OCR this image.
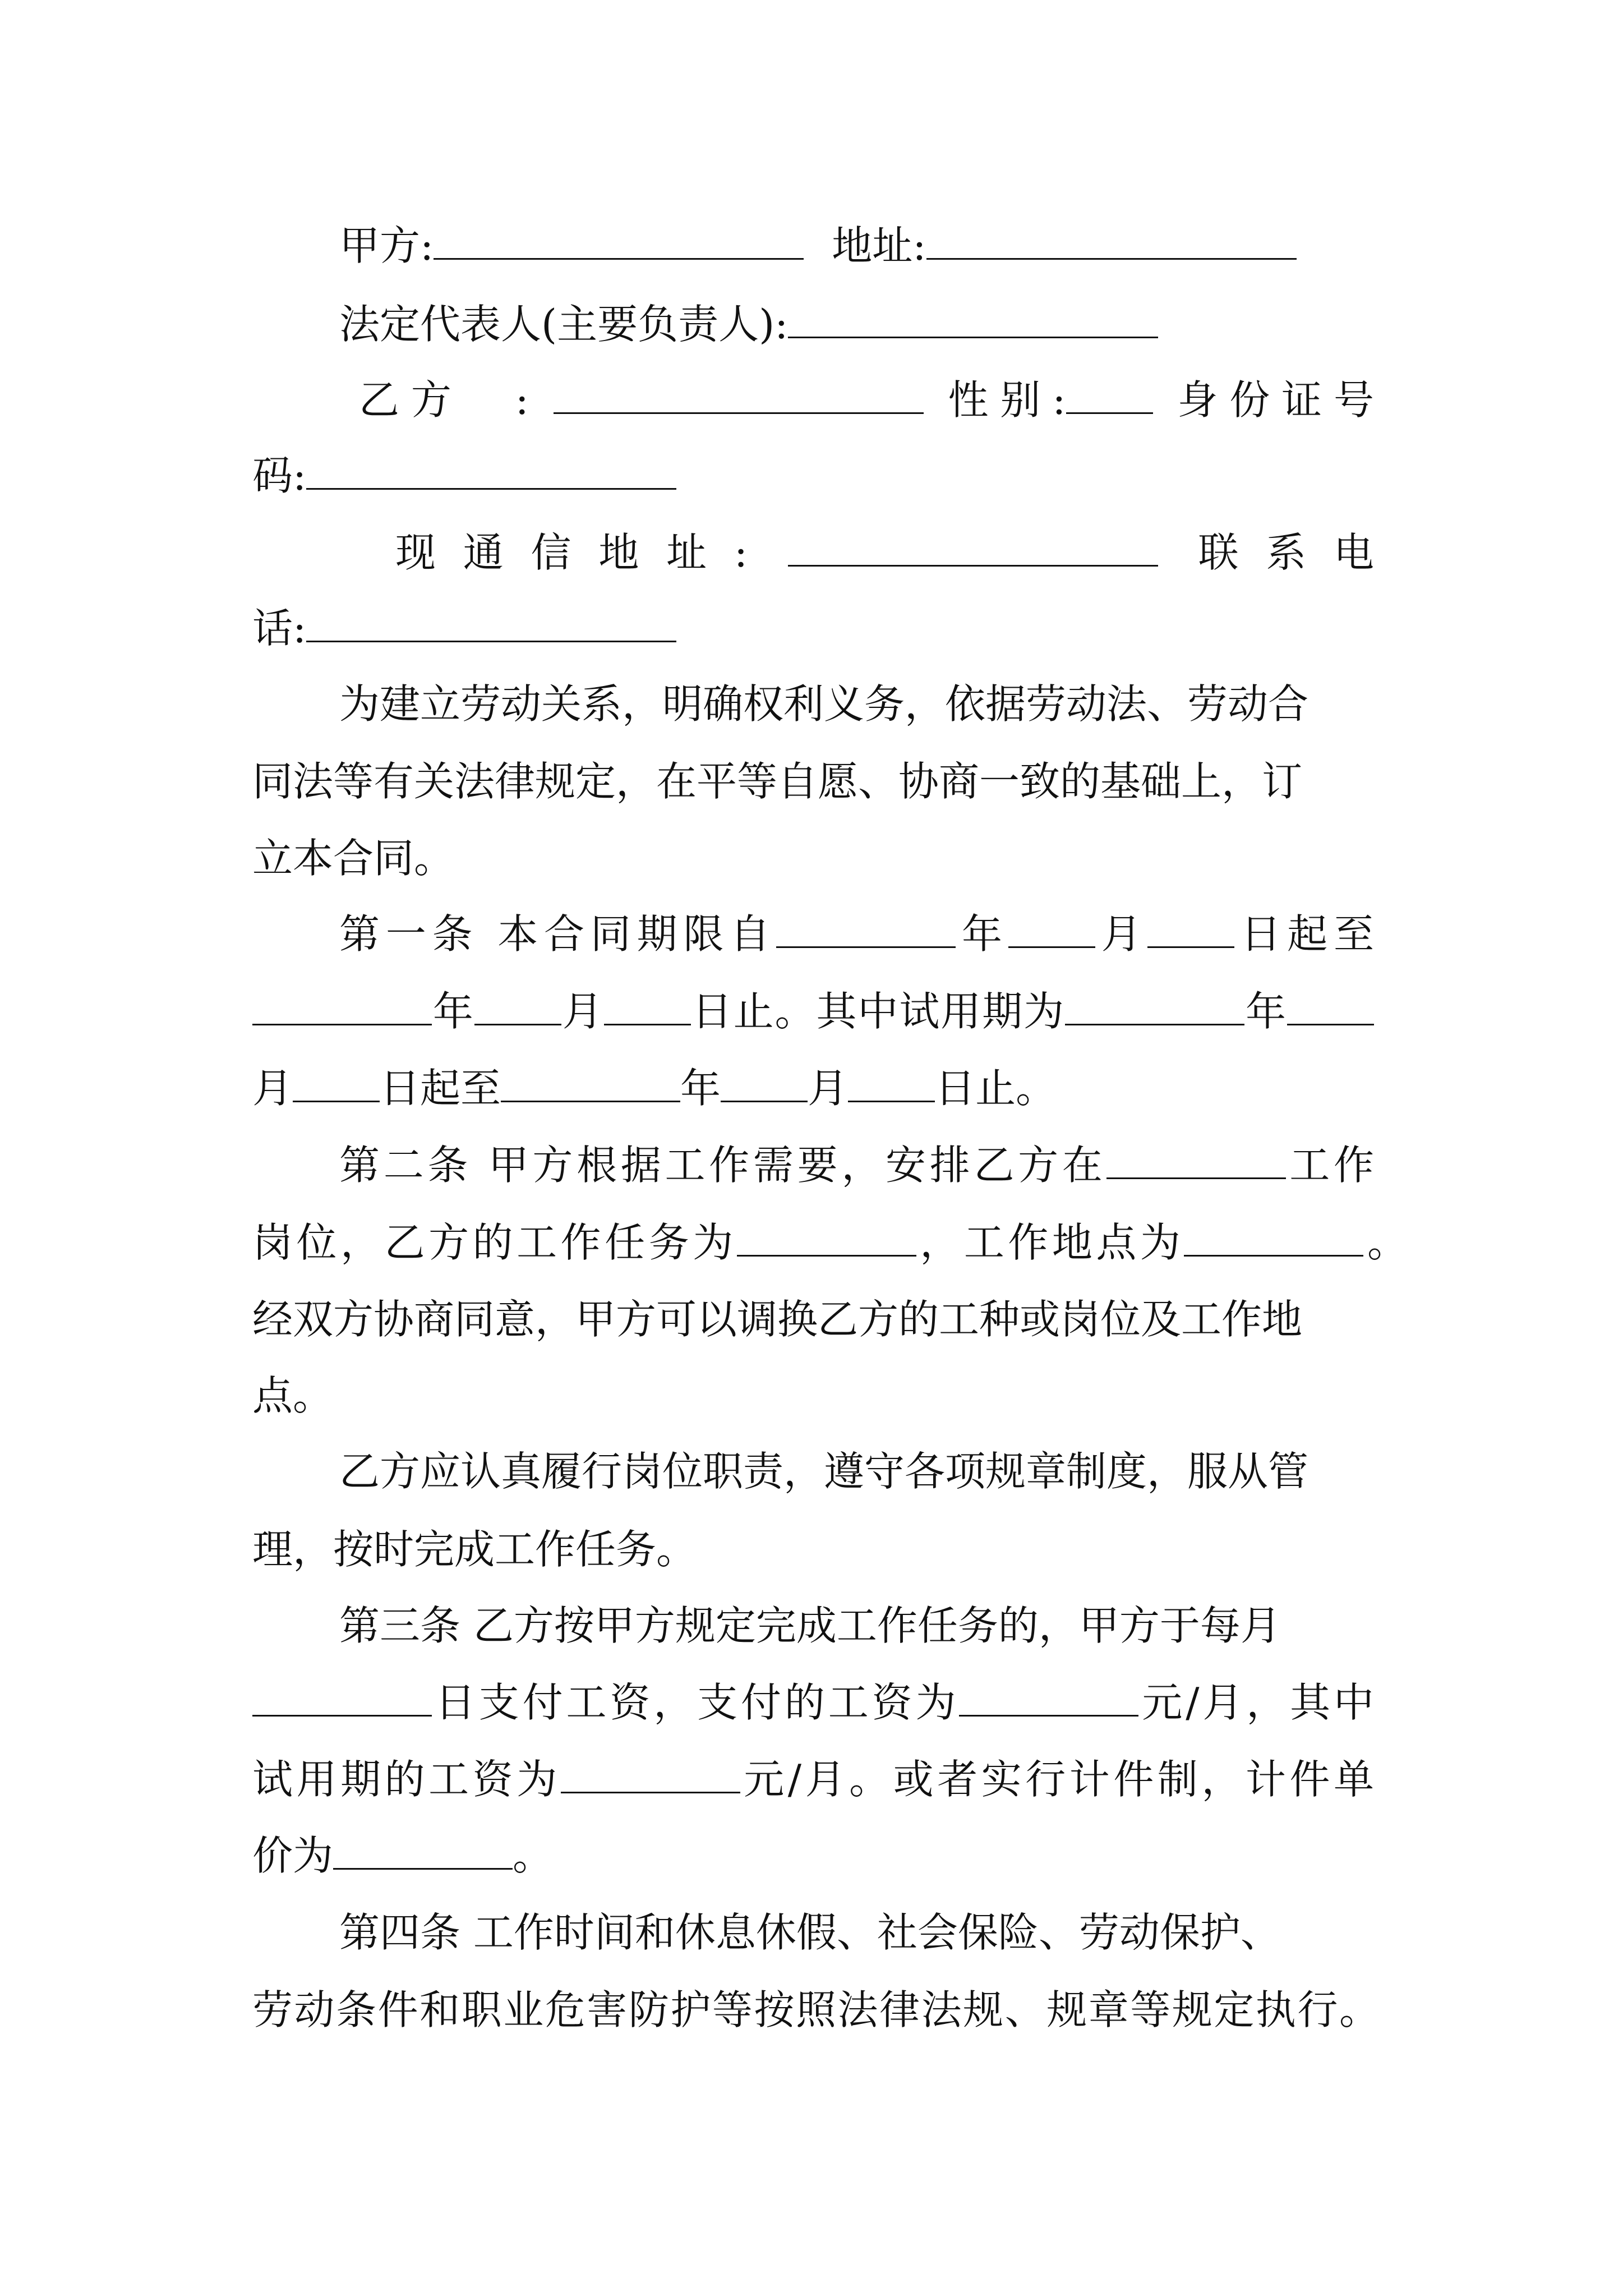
甲方:	地址:
法定代表人(主要负责人):
乙方　:	性别:	身份证号
码:
现通信地址:	联系电
话:
为建立劳动关系，明确权利义务，依据劳动法、劳动合
同法等有关法律规定，在平等自愿、协商一致的基础上，订
立本合同。
第一条 本合同期限自	年 月 日起至
年 月 日止。其中试用期为	年
月 日起至	年 月 日止。
第二条 甲方根据工作需要，安排乙方在	工作
岗位，乙方的工作任务为	，工作地点为	。
经双方协商同意，甲方可以调换乙方的工种或岗位及工作地
点。
乙方应认真履行岗位职责，遵守各项规章制度，服从管
理，按时完成工作任务。
第三条 乙方按甲方规定完成工作任务的，甲方于每月
日支付工资，支付的工资为	元/月，其中
试用期的工资为	元/月。或者实行计件制，计件单
价为	。
第四条 工作时间和休息休假、社会保险、劳动保护、
劳动条件和职业危害防护等按照法律法规、规章等规定执行。
